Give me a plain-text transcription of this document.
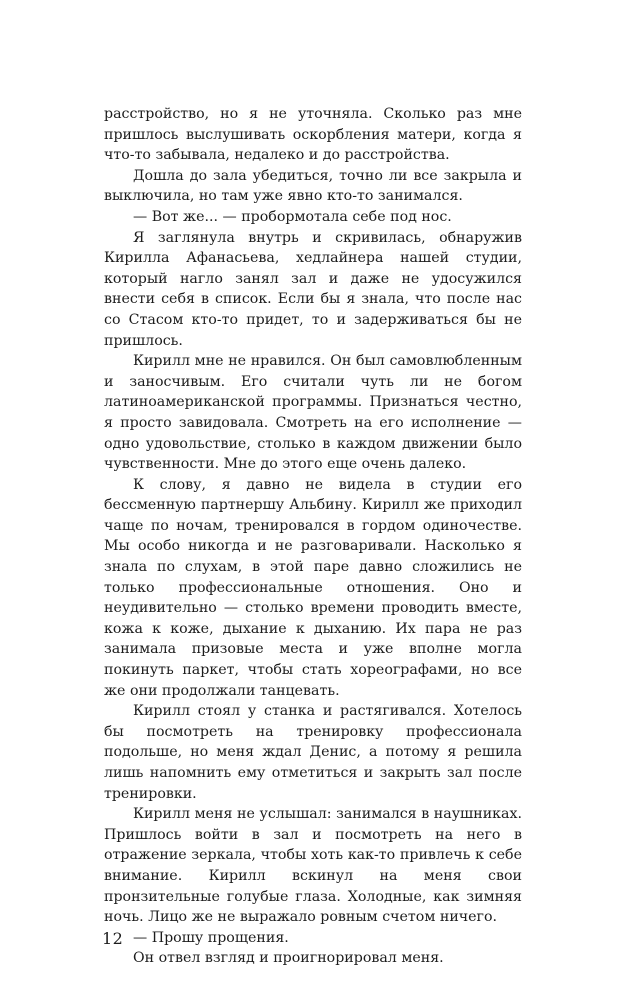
расстройство, но я не уточняла. Сколько раз мне пришлось выслушивать оскорбления матери, когда я что-то забывала, недалеко и до расстройства.

Дошла до зала убедиться, точно ли все закрыла и выключила, но там уже явно кто-то занимался.

— Вот же... — пробормотала себе под нос.

Я заглянула внутрь и скривилась, обнаружив Кирилла Афанасьева, хедлайнера нашей студии, который нагло занял зал и даже не удосужился внести себя в список. Если бы я знала, что после нас со Стасом кто-то придет, то и задерживаться бы не пришлось.

Кирилл мне не нравился. Он был самовлюбленным и заносчивым. Его считали чуть ли не богом латиноамериканской программы. Признаться честно, я просто завидовала. Смотреть на его исполнение — одно удовольствие, столько в каждом движении было чувственности. Мне до этого еще очень далеко.

К слову, я давно не видела в студии его бессменную партнершу Альбину. Кирилл же приходил чаще по ночам, тренировался в гордом одиночестве. Мы особо никогда и не разговаривали. Насколько я знала по слухам, в этой паре давно сложились не только профессиональные отношения. Оно и неудивительно — столько времени проводить вместе, кожа к коже, дыхание к дыханию. Их пара не раз занимала призовые места и уже вполне могла покинуть паркет, чтобы стать хореографами, но все же они продолжали танцевать.

Кирилл стоял у станка и растягивался. Хотелось бы посмотреть на тренировку профессионала подольше, но меня ждал Денис, а потому я решила лишь напомнить ему отметиться и закрыть зал после тренировки.

Кирилл меня не услышал: занимался в наушниках. Пришлось войти в зал и посмотреть на него в отражение зеркала, чтобы хоть как-то привлечь к себе внимание. Кирилл вскинул на меня свои пронзительные голубые глаза. Холодные, как зимняя ночь. Лицо же не выражало ровным счетом ничего.

— Прошу прощения.

Он отвел взгляд и проигнорировал меня.

12
